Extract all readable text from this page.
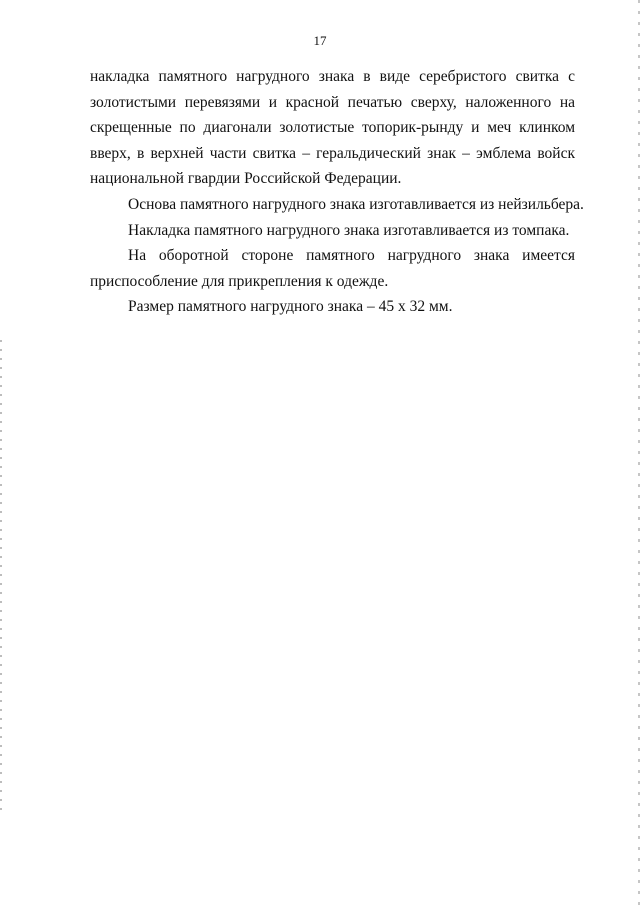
17
накладка памятного нагрудного знака в виде серебристого свитка с
золотистыми перевязями и красной печатью сверху, наложенного на
скрещенные по диагонали золотистые топорик-рынду и меч клинком
вверх, в верхней части свитка – геральдический знак – эмблема войск
национальной гвардии Российской Федерации.
Основа памятного нагрудного знака изготавливается из нейзильбера.
Накладка памятного нагрудного знака изготавливается из томпака.
На оборотной стороне памятного нагрудного знака имеется
приспособление для прикрепления к одежде.
Размер памятного нагрудного знака – 45 х 32 мм.
